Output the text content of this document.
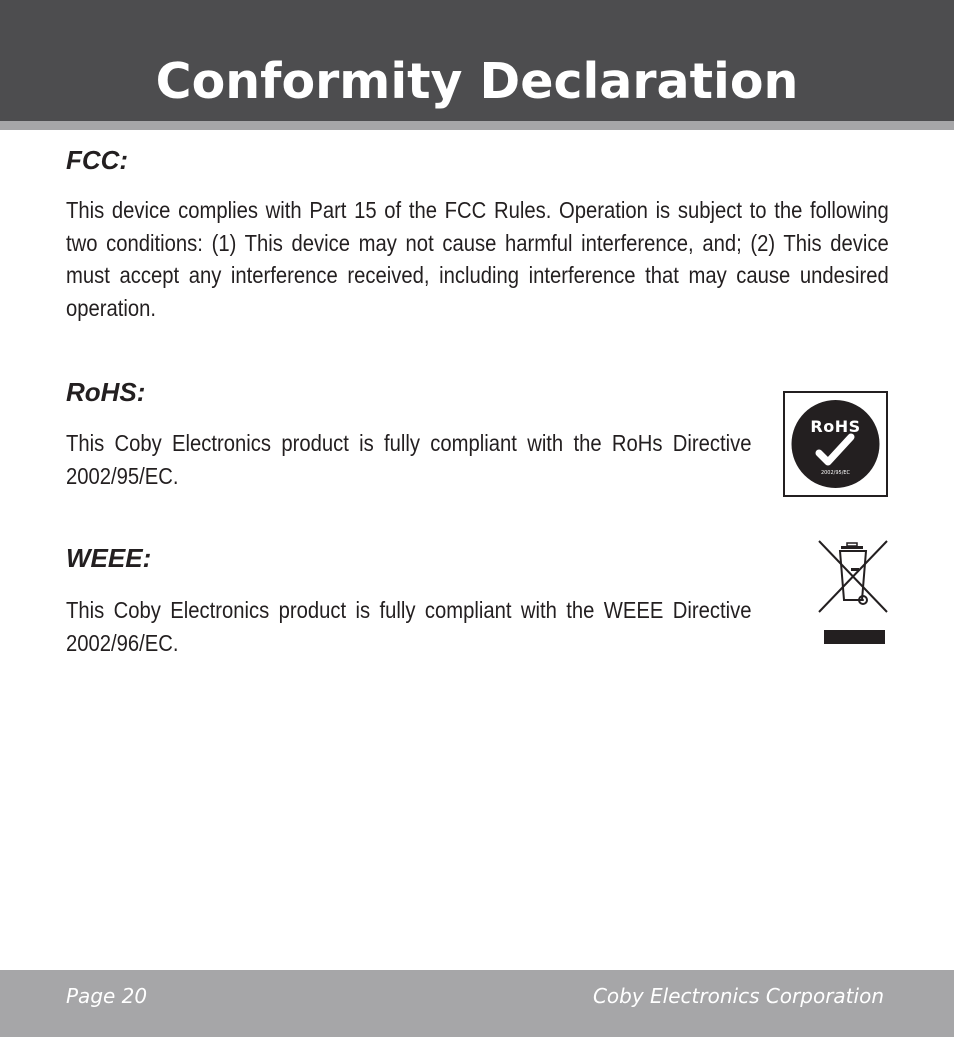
Conformity Declaration
FCC:
This device complies with Part 15 of the FCC Rules. Operation is subject to the following two conditions: (1) This device may not cause harmful interference, and; (2) This device must accept any interference received, including interference that may cause undesired operation.
RoHS:
This Coby Electronics product is fully compliant with the RoHs Directive 2002/95/EC.	2002/95/EC
RoHS
WEEE:
This Coby Electronics product is fully compliant with the WEEE Directive 2002/96/EC.
Page 20	Coby Electronics Corporation
